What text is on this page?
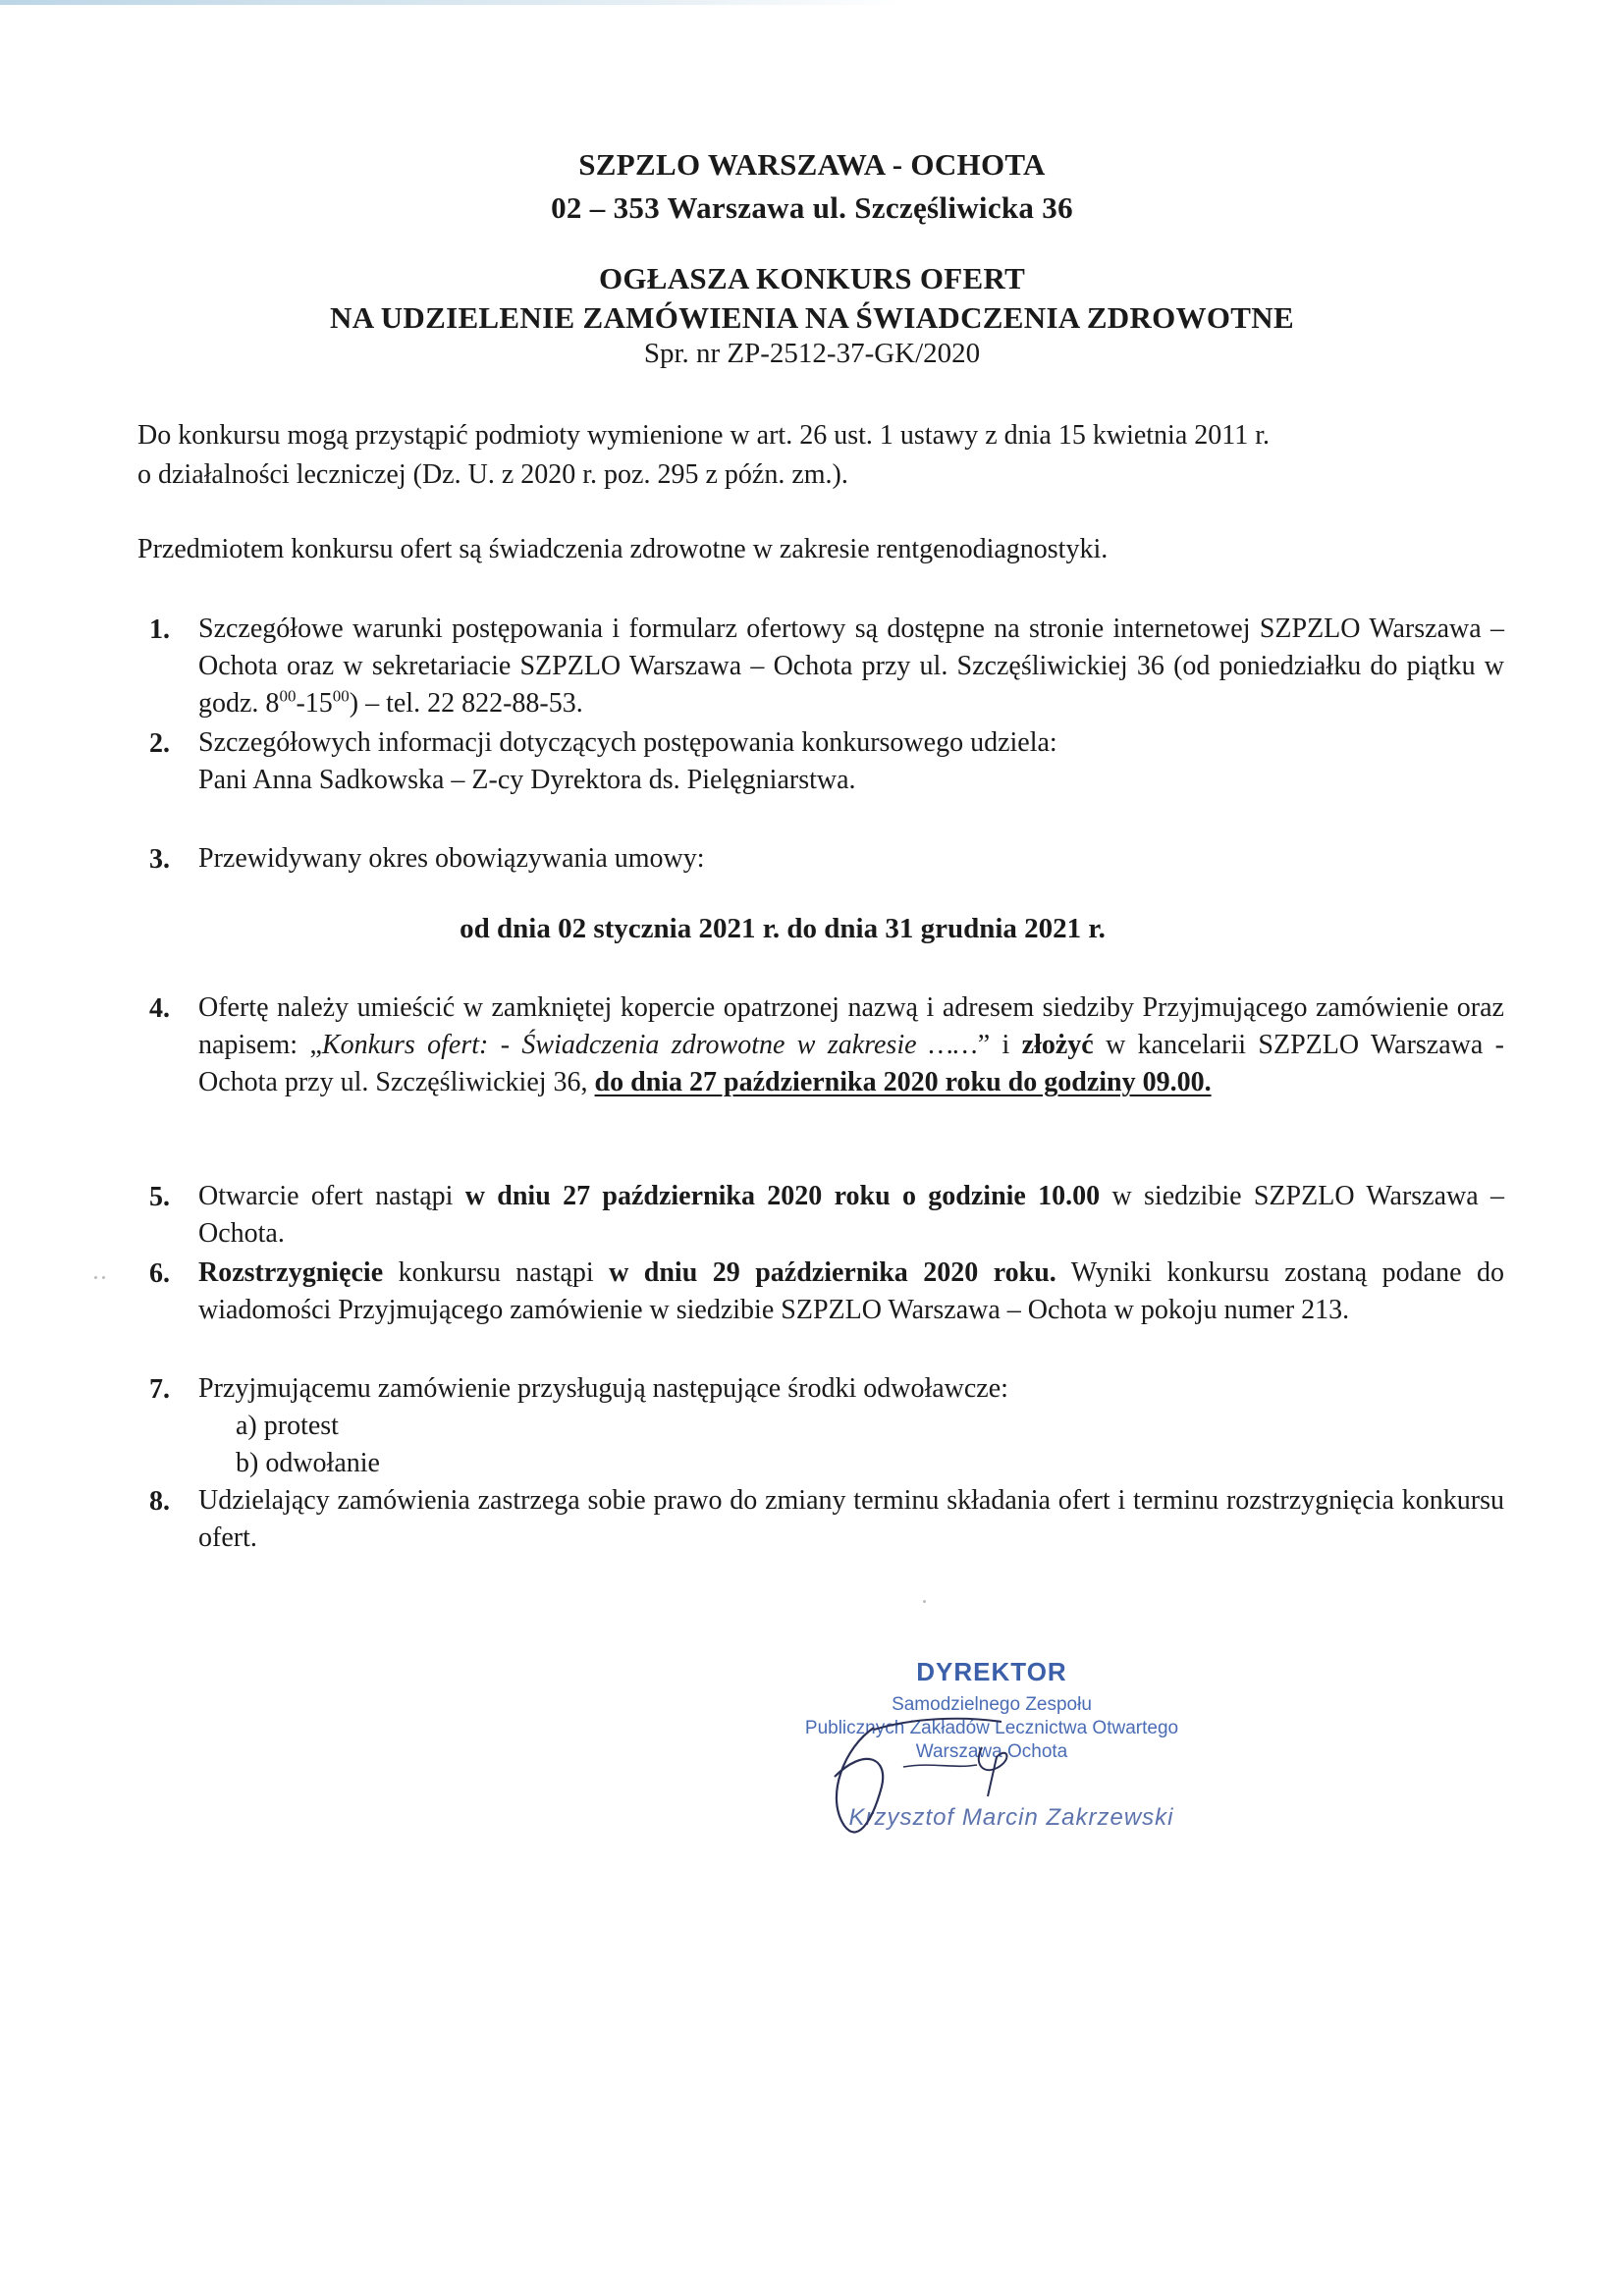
SZPZLO WARSZAWA - OCHOTA
02 – 353 Warszawa ul. Szczęśliwicka 36
OGŁASZA KONKURS OFERT
NA UDZIELENIE ZAMÓWIENIA NA ŚWIADCZENIA ZDROWOTNE
Spr. nr ZP-2512-37-GK/2020
Do konkursu mogą przystąpić podmioty wymienione w art. 26 ust. 1 ustawy z dnia 15 kwietnia 2011 r.
o działalności leczniczej (Dz. U. z 2020 r. poz. 295 z późn. zm.).
Przedmiotem konkursu ofert są świadczenia zdrowotne w zakresie rentgenodiagnostyki.
1. Szczegółowe warunki postępowania i formularz ofertowy są dostępne na stronie internetowej SZPZLO Warszawa – Ochota oraz w sekretariacie SZPZLO Warszawa – Ochota przy ul. Szczęśliwickiej 36 (od poniedziałku do piątku w godz. $8^{00}-15^{00}$) – tel. 22 822-88-53.
2. Szczegółowych informacji dotyczących postępowania konkursowego udziela:
Pani Anna Sadkowska – Z-cy Dyrektora ds. Pielęgniarstwa.
3. Przewidywany okres obowiązywania umowy:
od dnia 02 stycznia 2021 r. do dnia 31 grudnia 2021 r.
4. Ofertę należy umieścić w zamkniętej kopercie opatrzonej nazwą i adresem siedziby Przyjmującego zamówienie oraz napisem: „Konkurs ofert: - Świadczenia zdrowotne w zakresie ……” i złożyć w kancelarii SZPZLO Warszawa - Ochota przy ul. Szczęśliwickiej 36, do dnia 27 października 2020 roku do godziny 09.00.
5. Otwarcie ofert nastąpi w dniu 27 października 2020 roku o godzinie 10.00 w siedzibie SZPZLO Warszawa – Ochota.
6. Rozstrzygnięcie konkursu nastąpi w dniu 29 października 2020 roku. Wyniki konkursu zostaną podane do wiadomości Przyjmującego zamówienie w siedzibie SZPZLO Warszawa – Ochota w pokoju numer 213.
7. Przyjmującemu zamówienie przysługują następujące środki odwoławcze:
a) protest
b) odwołanie
8. Udzielający zamówienia zastrzega sobie prawo do zmiany terminu składania ofert i terminu rozstrzygnięcia konkursu ofert.
DYREKTOR
Samodzielnego Zespołu
Publicznych Zakładów Lecznictwa Otwartego
Warszawa Ochota
Krzysztof Marcin Zakrzewski
